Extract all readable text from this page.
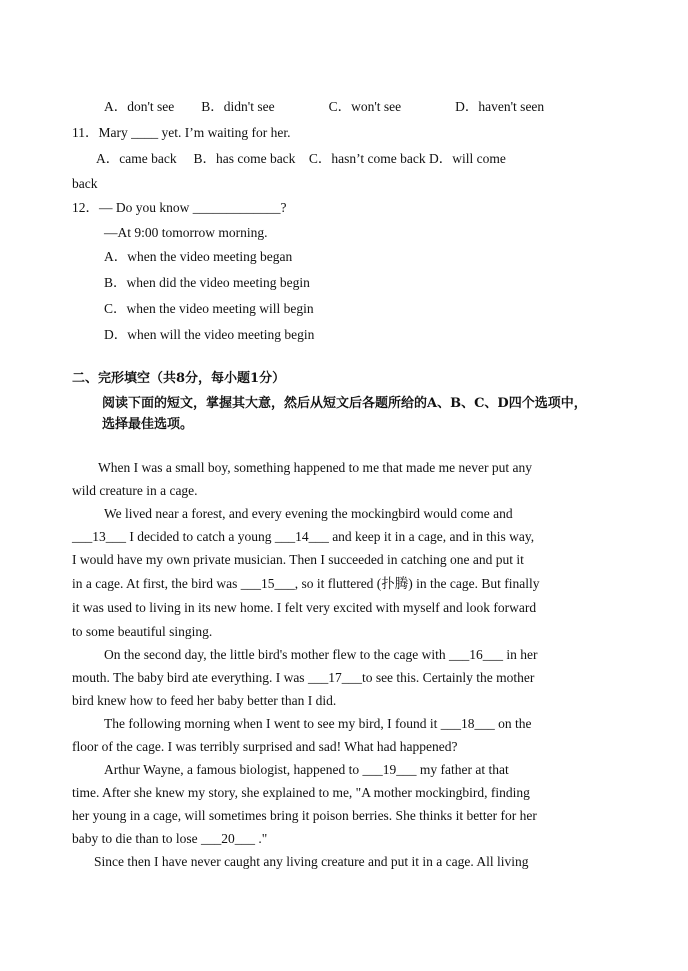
A．don't see　　B．didn't see　　　　C．won't see　　　　D．haven't seen
11．Mary ____ yet. I’m waiting for her.
A．came back　 B．has come back　C．hasn’t come back D．will come
back
12．— Do you know _____________?
—At 9:00 tomorrow morning.
A．when the video meeting began
B．when did the video meeting begin
C．when the video meeting will begin
D．when will the video meeting begin
二、完形填空（共8分，每小题1分）
阅读下面的短文，掌握其大意，然后从短文后各题所给的A、B、C、D四个选项中，
选择最佳选项。
When I was a small boy, something happened to me that made me never put any
wild creature in a cage.
We lived near a forest, and every evening the mockingbird would come and
___13___ I decided to catch a young ___14___ and keep it in a cage, and in this way,
I would have my own private musician. Then I succeeded in catching one and put it
in a cage. At first, the bird was ___15___, so it fluttered (扑腾) in the cage. But finally
it was used to living in its new home. I felt very excited with myself and look forward
to some beautiful singing.
On the second day, the little bird's mother flew to the cage with ___16___ in her
mouth. The baby bird ate everything. I was ___17___to see this. Certainly the mother
bird knew how to feed her baby better than I did.
The following morning when I went to see my bird, I found it ___18___ on the
floor of the cage. I was terribly surprised and sad! What had happened?
Arthur Wayne, a famous biologist, happened to ___19___ my father at that
time. After she knew my story, she explained to me, "A mother mockingbird, finding
her young in a cage, will sometimes bring it poison berries. She thinks it better for her
baby to die than to lose ___20___ ."
Since then I have never caught any living creature and put it in a cage. All living
